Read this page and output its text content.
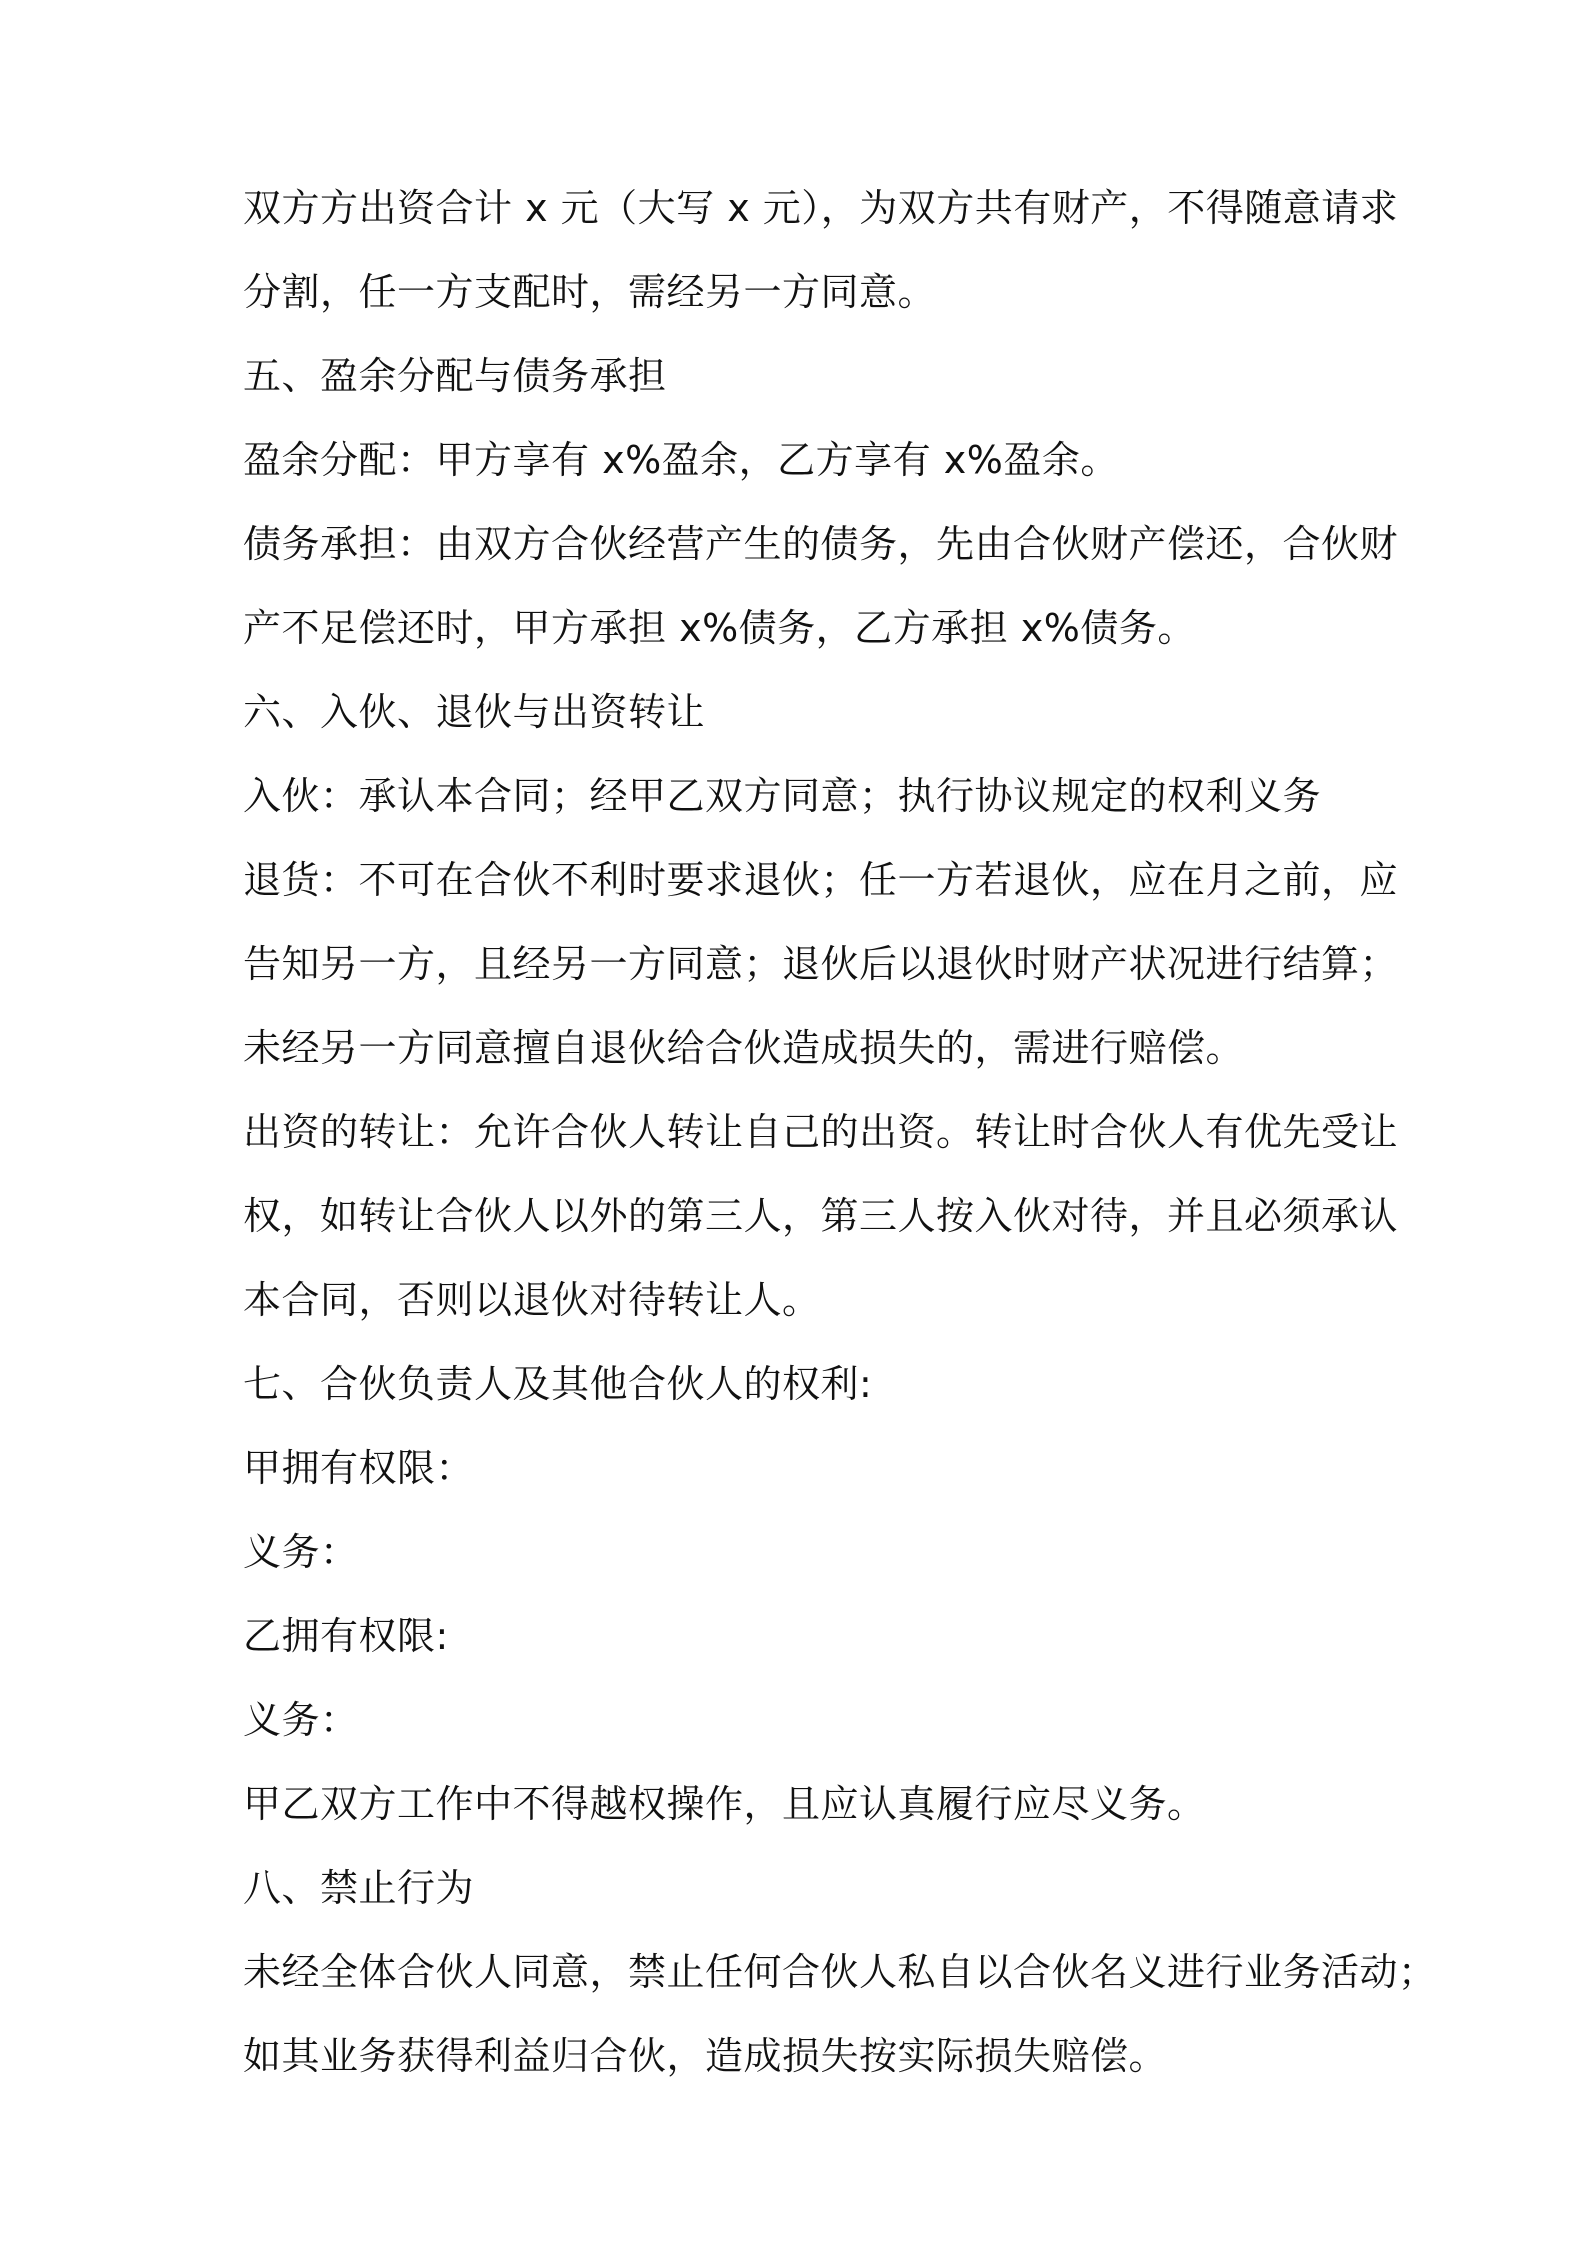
双方方出资合计 x 元（大写 x 元），为双方共有财产，不得随意请求
分割，任一方支配时，需经另一方同意。
五、盈余分配与债务承担
盈余分配：甲方享有 x%盈余，乙方享有 x%盈余。
债务承担：由双方合伙经营产生的债务，先由合伙财产偿还，合伙财
产不足偿还时，甲方承担 x%债务，乙方承担 x%债务。
六、入伙、退伙与出资转让
入伙：承认本合同；经甲乙双方同意；执行协议规定的权利义务
退货：不可在合伙不利时要求退伙；任一方若退伙，应在月之前，应
告知另一方，且经另一方同意；退伙后以退伙时财产状况进行结算；
未经另一方同意擅自退伙给合伙造成损失的，需进行赔偿。
出资的转让：允许合伙人转让自己的出资。转让时合伙人有优先受让
权，如转让合伙人以外的第三人，第三人按入伙对待，并且必须承认
本合同，否则以退伙对待转让人。
七、合伙负责人及其他合伙人的权利:
甲拥有权限：
义务：
乙拥有权限:
义务：
甲乙双方工作中不得越权操作，且应认真履行应尽义务。
八、禁止行为
未经全体合伙人同意，禁止任何合伙人私自以合伙名义进行业务活动；
如其业务获得利益归合伙，造成损失按实际损失赔偿。
